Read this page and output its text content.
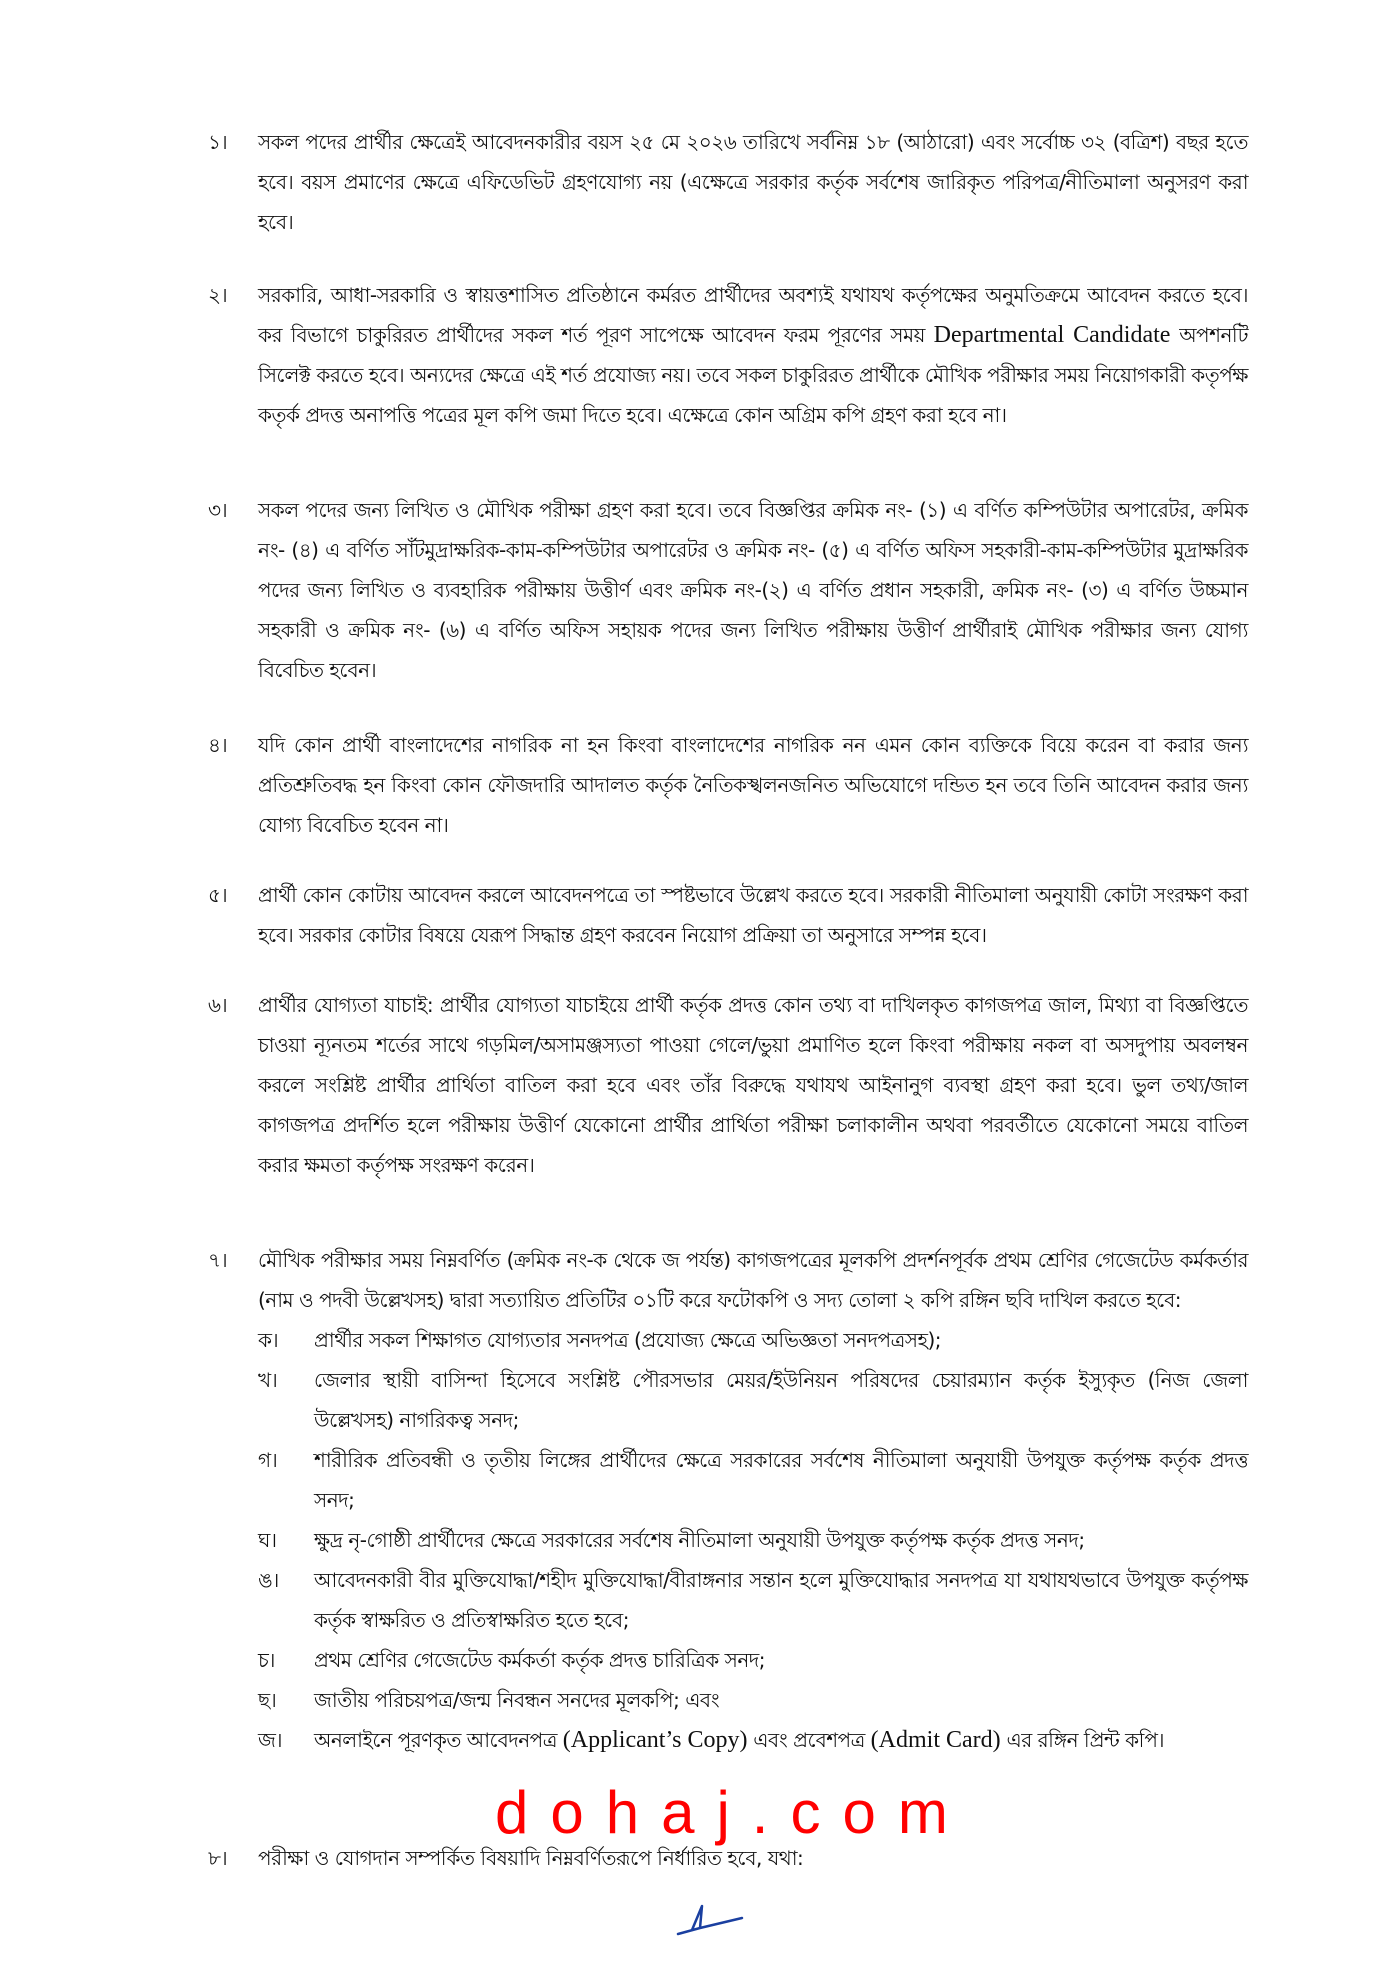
১।	সকল পদের প্রার্থীর ক্ষেত্রেই আবেদনকারীর বয়স ২৫ মে ২০২৬ তারিখে সর্বনিম্ন ১৮ (আঠারো) এবং সর্বোচ্চ ৩২ (বত্রিশ) বছর হতে হবে। বয়স প্রমাণের ক্ষেত্রে এফিডেভিট গ্রহণযোগ্য নয় (এক্ষেত্রে সরকার কর্তৃক সর্বশেষ জারিকৃত পরিপত্র/নীতিমালা অনুসরণ করা হবে।
২।	সরকারি, আধা-সরকারি ও স্বায়ত্তশাসিত প্রতিষ্ঠানে কর্মরত প্রার্থীদের অবশ্যই যথাযথ কর্তৃপক্ষের অনুমতিক্রমে আবেদন করতে হবে। কর বিভাগে চাকুরিরত প্রার্থীদের সকল শর্ত পূরণ সাপেক্ষে আবেদন ফরম পূরণের সময় Departmental Candidate অপশনটি সিলেক্ট করতে হবে। অন্যদের ক্ষেত্রে এই শর্ত প্রযোজ্য নয়। তবে সকল চাকুরিরত প্রার্থীকে মৌখিক পরীক্ষার সময় নিয়োগকারী কতৃর্পক্ষ কতৃর্ক প্রদত্ত অনাপত্তি পত্রের মূল কপি জমা দিতে হবে। এক্ষেত্রে কোন অগ্রিম কপি গ্রহণ করা হবে না।
৩।	সকল পদের জন্য লিখিত ও মৌখিক পরীক্ষা গ্রহণ করা হবে। তবে বিজ্ঞপ্তির ক্রমিক নং- (১) এ বর্ণিত কম্পিউটার অপারেটর, ক্রমিক নং- (৪) এ বর্ণিত সাঁটমুদ্রাক্ষরিক-কাম-কম্পিউটার অপারেটর ও ক্রমিক নং- (৫) এ বর্ণিত অফিস সহকারী-কাম-কম্পিউটার মুদ্রাক্ষরিক পদের জন্য লিখিত ও ব্যবহারিক পরীক্ষায় উত্তীর্ণ এবং ক্রমিক নং-(২) এ বর্ণিত প্রধান সহকারী, ক্রমিক নং- (৩) এ বর্ণিত উচ্চমান সহকারী ও ক্রমিক নং- (৬) এ বর্ণিত অফিস সহায়ক পদের জন্য লিখিত পরীক্ষায় উত্তীর্ণ প্রার্থীরাই মৌখিক পরীক্ষার জন্য যোগ্য বিবেচিত হবেন।
৪।	যদি কোন প্রার্থী বাংলাদেশের নাগরিক না হন কিংবা বাংলাদেশের নাগরিক নন এমন কোন ব্যক্তিকে বিয়ে করেন বা করার জন্য প্রতিশ্রুতিবদ্ধ হন কিংবা কোন ফৌজদারি আদালত কর্তৃক নৈতিকস্খলনজনিত অভিযোগে দন্ডিত হন তবে তিনি আবেদন করার জন্য যোগ্য বিবেচিত হবেন না।
৫।	প্রার্থী কোন কোটায় আবেদন করলে আবেদনপত্রে তা স্পষ্টভাবে উল্লেখ করতে হবে। সরকারী নীতিমালা অনুযায়ী কোটা সংরক্ষণ করা হবে। সরকার কোটার বিষয়ে যেরূপ সিদ্ধান্ত গ্রহণ করবেন নিয়োগ প্রক্রিয়া তা অনুসারে সম্পন্ন হবে।
৬।	প্রার্থীর যোগ্যতা যাচাই: প্রার্থীর যোগ্যতা যাচাইয়ে প্রার্থী কর্তৃক প্রদত্ত কোন তথ্য বা দাখিলকৃত কাগজপত্র জাল, মিথ্যা বা বিজ্ঞপ্তিতে চাওয়া ন্যূনতম শর্তের সাথে গড়মিল/অসামঞ্জস্যতা পাওয়া গেলে/ভুয়া প্রমাণিত হলে কিংবা পরীক্ষায় নকল বা অসদুপায় অবলম্বন করলে সংশ্লিষ্ট প্রার্থীর প্রার্থিতা বাতিল করা হবে এবং তাঁর বিরুদ্ধে যথাযথ আইনানুগ ব্যবস্থা গ্রহণ করা হবে। ভুল তথ্য/জাল কাগজপত্র প্রদর্শিত হলে পরীক্ষায় উত্তীর্ণ যেকোনো প্রার্থীর প্রার্থিতা পরীক্ষা চলাকালীন অথবা পরবর্তীতে যেকোনো সময়ে বাতিল করার ক্ষমতা কর্তৃপক্ষ সংরক্ষণ করেন।
৭।	মৌখিক পরীক্ষার সময় নিম্নবর্ণিত (ক্রমিক নং-ক থেকে জ পর্যন্ত) কাগজপত্রের মূলকপি প্রদর্শনপূর্বক প্রথম শ্রেণির গেজেটেড কর্মকর্তার (নাম ও পদবী উল্লেখসহ) দ্বারা সত্যায়িত প্রতিটির ০১টি করে ফটোকপি ও সদ্য তোলা ২ কপি রঙ্গিন ছবি দাখিল করতে হবে:
ক।	প্রার্থীর সকল শিক্ষাগত যোগ্যতার সনদপত্র (প্রযোজ্য ক্ষেত্রে অভিজ্ঞতা সনদপত্রসহ);
খ।	জেলার স্থায়ী বাসিন্দা হিসেবে সংশ্লিষ্ট পৌরসভার মেয়র/ইউনিয়ন পরিষদের চেয়ারম্যান কর্তৃক ইস্যুকৃত (নিজ জেলা উল্লেখসহ) নাগরিকত্ব সনদ;
গ।	শারীরিক প্রতিবন্ধী ও তৃতীয় লিঙ্গের প্রার্থীদের ক্ষেত্রে সরকারের সর্বশেষ নীতিমালা অনুযায়ী উপযুক্ত কর্তৃপক্ষ কর্তৃক প্রদত্ত সনদ;
ঘ।	ক্ষুদ্র নৃ-গোষ্ঠী প্রার্থীদের ক্ষেত্রে সরকারের সর্বশেষ নীতিমালা অনুযায়ী উপযুক্ত কর্তৃপক্ষ কর্তৃক প্রদত্ত সনদ;
ঙ।	আবেদনকারী বীর মুক্তিযোদ্ধা/শহীদ মুক্তিযোদ্ধা/বীরাঙ্গনার সন্তান হলে মুক্তিযোদ্ধার সনদপত্র যা যথাযথভাবে উপযুক্ত কর্তৃপক্ষ কর্তৃক স্বাক্ষরিত ও প্রতিস্বাক্ষরিত হতে হবে;
চ।	প্রথম শ্রেণির গেজেটেড কর্মকর্তা কর্তৃক প্রদত্ত চারিত্রিক সনদ;
ছ।	জাতীয় পরিচয়পত্র/জন্ম নিবন্ধন সনদের মূলকপি; এবং
জ।	অনলাইনে পূরণকৃত আবেদনপত্র (Applicant’s Copy) এবং প্রবেশপত্র (Admit Card) এর রঙ্গিন প্রিন্ট কপি।
৮।	পরীক্ষা ও যোগদান সম্পর্কিত বিষয়াদি নিম্নবর্ণিতরূপে নির্ধারিত হবে, যথা:
dohaj.com
